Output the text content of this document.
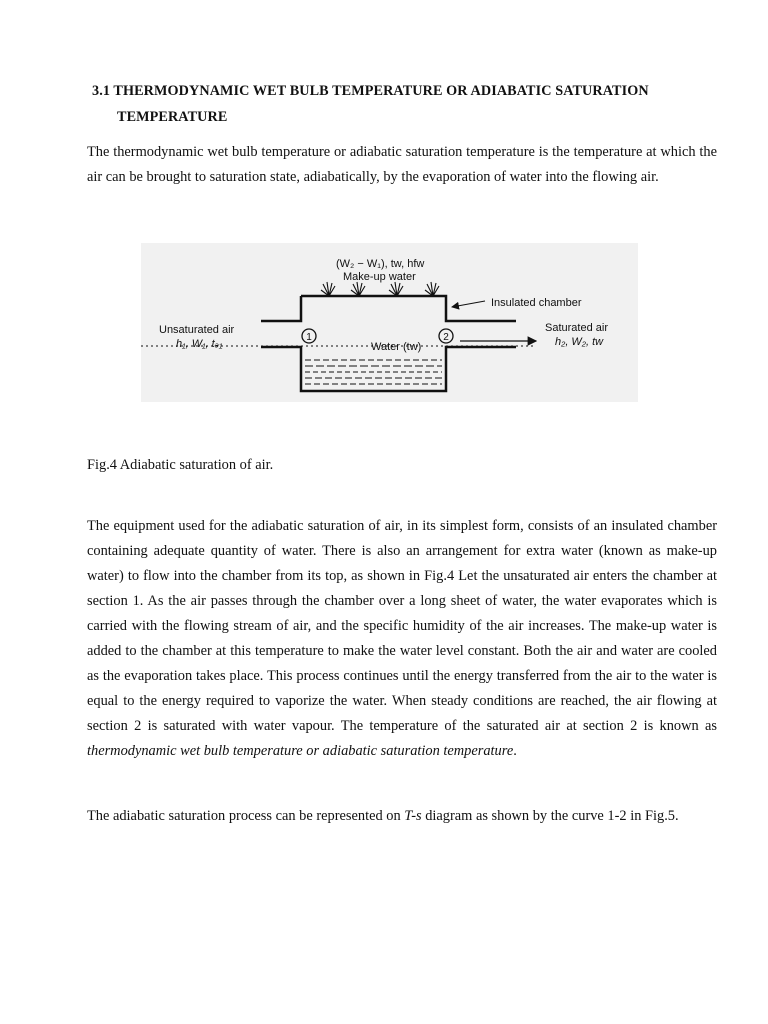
3.1 THERMODYNAMIC WET BULB TEMPERATURE OR ADIABATIC SATURATION
TEMPERATURE

The thermodynamic wet bulb temperature or adiabatic saturation temperature is the temperature at which the air can be brought to saturation state, adiabatically, by the evaporation of water into the flowing air.

1	2
(W₂ − W₁), tw, hfw
Make-up water
Insulated chamber
Unsaturated air
h₁, W₁, tₔ₁
Saturated air
h₂, W₂, tw
Water (tw)
Fig.4 Adiabatic saturation of air.

The equipment used for the adiabatic saturation of air, in its simplest form, consists of an insulated chamber containing adequate quantity of water. There is also an arrangement for extra water (known as make-up water) to flow into the chamber from its top, as shown in Fig.4 Let the unsaturated air enters the chamber at section 1. As the air passes through the chamber over a long sheet of water, the water evaporates which is carried with the flowing stream of air, and the specific humidity of the air increases. The make-up water is added to the chamber at this temperature to make the water level constant. Both the air and water are cooled as the evaporation takes place. This process continues until the energy transferred from the air to the water is equal to the energy required to vaporize the water. When steady conditions are reached, the air flowing at section 2 is saturated with water vapour. The temperature of the saturated air at section 2 is known as thermodynamic wet bulb temperature or adiabatic saturation temperature.

The adiabatic saturation process can be represented on T-s diagram as shown by the curve 1-2 in Fig.5.
